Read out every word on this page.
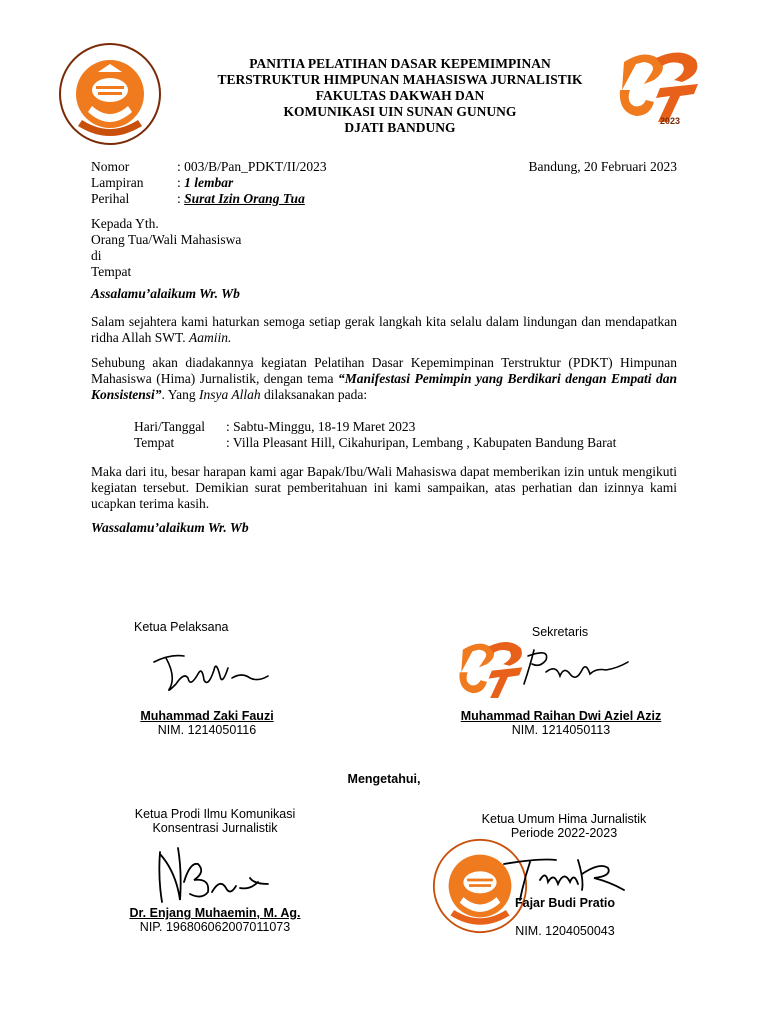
2023
PANITIA PELATIHAN DASAR KEPEMIMPINAN
TERSTRUKTUR HIMPUNAN MAHASISWA JURNALISTIK
FAKULTAS DAKWAH DAN
KOMUNIKASI UIN SUNAN GUNUNG
DJATI BANDUNG
Nomor	: 003/B/Pan_PDKT/II/2023
Lampiran	: 1 lembar
Perihal	: Surat Izin Orang Tua
Bandung, 20 Februari 2023
Kepada Yth.
Orang Tua/Wali Mahasiswa
di
Tempat
Assalamu’alaikum Wr. Wb
Salam sejahtera kami haturkan semoga setiap gerak langkah kita selalu dalam lindungan dan mendapatkan ridha Allah SWT. Aamiin.
Sehubung akan diadakannya kegiatan Pelatihan Dasar Kepemimpinan Terstruktur (PDKT) Himpunan Mahasiswa (Hima) Jurnalistik, dengan tema “Manifestasi Pemimpin yang Berdikari dengan Empati dan Konsistensi”. Yang Insya Allah dilaksanakan pada:
Hari/Tanggal	: Sabtu-Minggu, 18-19 Maret 2023
Tempat	: Villa Pleasant Hill, Cikahuripan, Lembang , Kabupaten Bandung Barat
Maka dari itu, besar harapan kami agar Bapak/Ibu/Wali Mahasiswa dapat memberikan izin untuk mengikuti kegiatan tersebut. Demikian surat pemberitahuan ini kami sampaikan, atas perhatian dan izinnya kami ucapkan terima kasih.
Wassalamu’alaikum Wr. Wb
Ketua Pelaksana
Muhammad Zaki Fauzi
NIM. 1214050116
Sekretaris
Muhammad Raihan Dwi Aziel Aziz
NIM. 1214050113
Mengetahui,
Ketua Prodi Ilmu Komunikasi
Konsentrasi Jurnalistik
Dr. Enjang Muhaemin, M. Ag.
NIP. 196806062007011073
Ketua Umum Hima Jurnalistik
Periode 2022-2023
Fajar Budi Pratio
NIM. 1204050043
